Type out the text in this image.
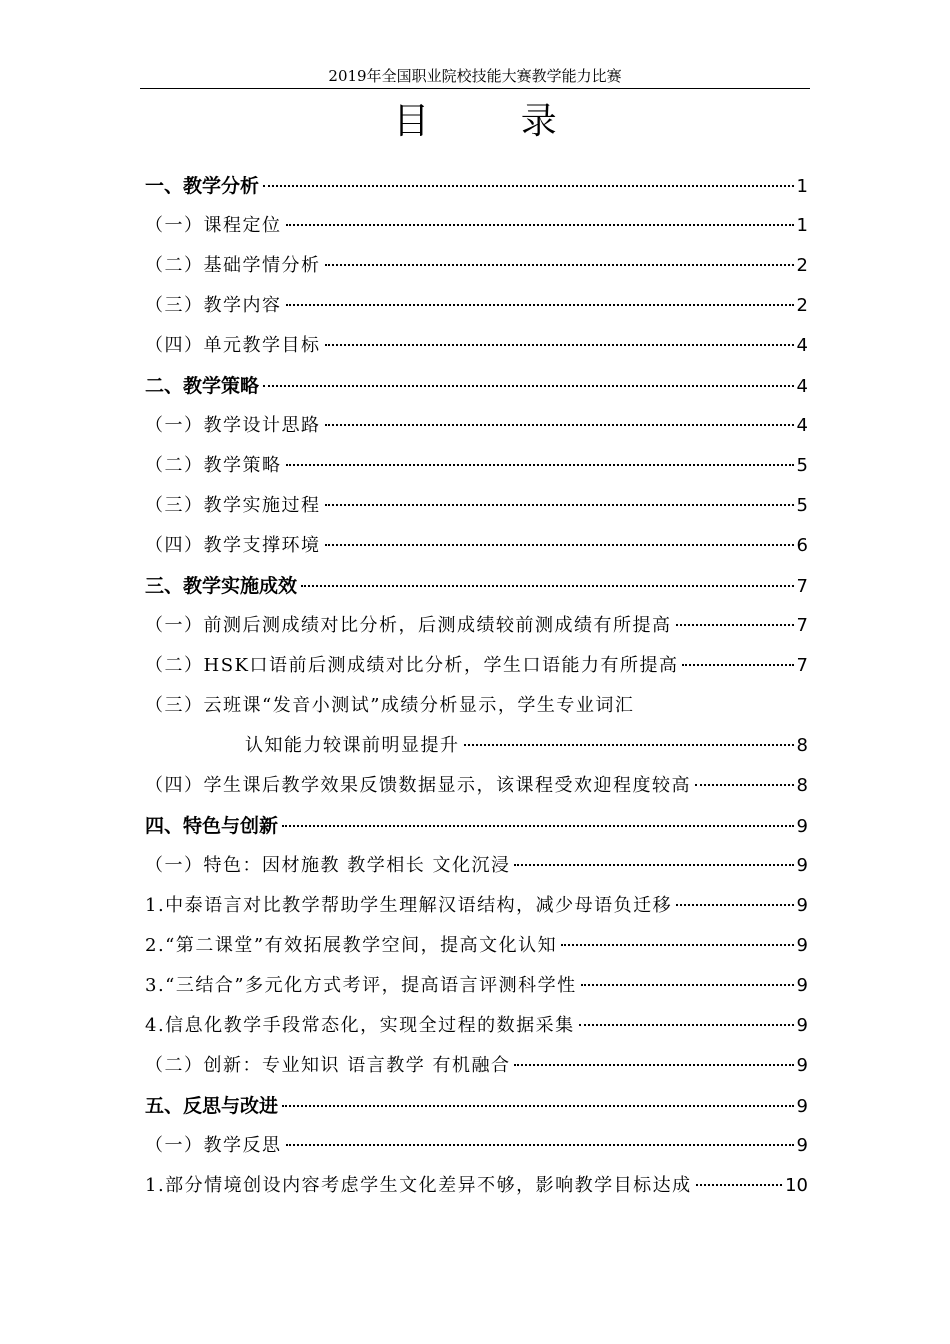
2019年全国职业院校技能大赛教学能力比赛
目 录
一、教学分析	1
（一）课程定位	1
（二）基础学情分析	2
（三）教学内容	2
（四）单元教学目标	4
二、教学策略	4
（一）教学设计思路	4
（二）教学策略	5
（三）教学实施过程	5
（四）教学支撑环境	6
三、教学实施成效	7
（一）前测后测成绩对比分析，后测成绩较前测成绩有所提高	7
（二）HSK口语前后测成绩对比分析，学生口语能力有所提高	7
（三）云班课“发音小测试”成绩分析显示，学生专业词汇
认知能力较课前明显提升	8
（四）学生课后教学效果反馈数据显示，该课程受欢迎程度较高	8
四、特色与创新	9
（一）特色：因材施教 教学相长 文化沉浸	9
1.中泰语言对比教学帮助学生理解汉语结构，减少母语负迁移	9
2.“第二课堂”有效拓展教学空间，提高文化认知	9
3.“三结合”多元化方式考评，提高语言评测科学性	9
4.信息化教学手段常态化，实现全过程的数据采集	9
（二）创新：专业知识 语言教学 有机融合	9
五、反思与改进	9
（一）教学反思	9
1.部分情境创设内容考虑学生文化差异不够，影响教学目标达成	10
